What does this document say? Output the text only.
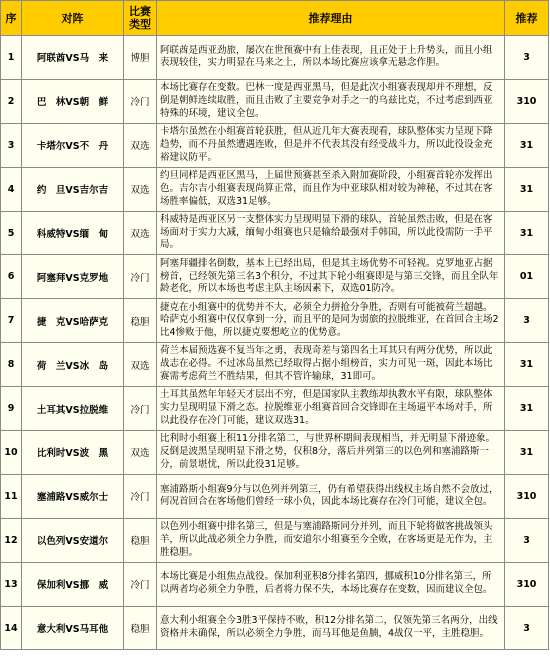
序	对阵	比赛类型	推荐理由	推荐
1	阿联酋VS马　来	博胆	阿联酋是西亚劲旅，屡次在世预赛中有上佳表现，且正处于上升势头，而且小组表现较佳，实力明显在马来之上，所以本场比赛应该拿无悬念作胆。	3
2	巴　林VS朝　鲜	冷门	本场比赛存在变数。巴林一度是西亚黑马，但是此次小组赛表现却并不理想，反倒是朝鲜连续取胜，而且击败了主要竞争对手之一的乌兹比克，不过考虑到西亚特殊的环境，建议全包。	310
3	卡塔尔VS不　丹	双选	卡塔尔虽然在小组赛首轮获胜，但从近几年大赛表现看，球队整体实力呈现下降趋势，而不丹虽然遭遇连败，但是并不代表其没有经受战斗力，所以此役设金充裕建议防平。	31
4	约　旦VS吉尔吉	双选	约旦同样是西亚区黑马，上届世预赛甚至杀入附加赛阶段，小组赛首轮亦发挥出色。吉尔吉小组赛表现尚算正常，而且作为中亚球队相对较为神秘，不过其在客场胜率偏低，双选31足够。	31
5	科威特VS缅　甸	双选	科威特是西亚区另一支整体实力呈现明显下滑的球队，首轮虽然击败，但是在客场面对于实力大减，缅甸小组赛也只是输给最强对手韩国，所以此役需防一手平局。	31
6	阿塞拜VS克罗地	冷门	阿塞拜疆排名倒数，基本上已经出局，但是其主场优势不可轻视。克罗地亚占据榜首，已经领先第三名3个积分，不过其下轮小组赛即是与第三交锋，而且全队年龄老化，所以本场也考虑主队主场因素下，双选01防冷。	01
7	捷　克VS哈萨克	稳胆	捷克在小组赛中的优势并不大，必须全力拼抢分争胜，否则有可能被荷兰超越。哈萨克小组赛中仅仅拿到一分，而且平的是同为弱旅的拉脱维亚，在首回合主场2比4惨败于他，所以捷克要想屹立的优势意。	3
8	荷　兰VS冰　岛	双选	荷兰本届预选赛不复当年之勇，表现奇差与第四名土耳其只有两分优势，所以此战志在必得。不过冰岛虽然已经取得占据小组榜首，实力可见一斑，因此本场比赛需考虑荷兰不胜结果，但其不管许输球，31即可。	31
9	土耳其VS拉脱维	冷门	土耳其虽然年年轻天才层出不穷，但是国家队主教练却执教水平有限，球队整体实力呈现明显下滑之态。拉脱维亚小组赛首回合交锋即在主场逼平本场对手，所以此役存在冷门可能，建议双选31。	31
10	比利时VS波　黑	双选	比利时小组赛上积11分排名第二，与世界杯期间表现相当，并无明显下滑迹象。反倒是波黑呈现明显下滑之势，仅积8分，落后并列第三的以色列和塞浦路斯一分，前景堪忧，所以此役31足够。	31
11	塞浦路VS威尔士	冷门	塞浦路斯小组赛9分与以色列并列第三，仍有希望获得出线权主场自然不会放过，何况首回合在客场他们曾经一球小负，因此本场比赛存在冷门可能，建议全包。	310
12	以色列VS安道尔	稳胆	以色列小组赛中排名第三，但是与塞浦路斯同分并列，而且下轮将做客挑战领头羊，所以此战必须全力争胜，而安道尔小组赛至今全败，在客场更是无作为，主胜稳胆。	3
13	保加利VS挪　威	冷门	本场比赛是小组焦点战役。保加利亚积8分排名第四，挪威积10分排名第三，所以两者均必须全力争胜，后者将力保不失，本场比赛存在变数，因而建议全包。	310
14	意大利VS马耳他	稳胆	意大利小组赛全今3胜3平保持不败，积12分排名第二，仅领先第三名两分，出线资格并未确保，所以必须全力争胜，而马耳他是鱼腩，4战仅一平，主胜稳胆。	3
